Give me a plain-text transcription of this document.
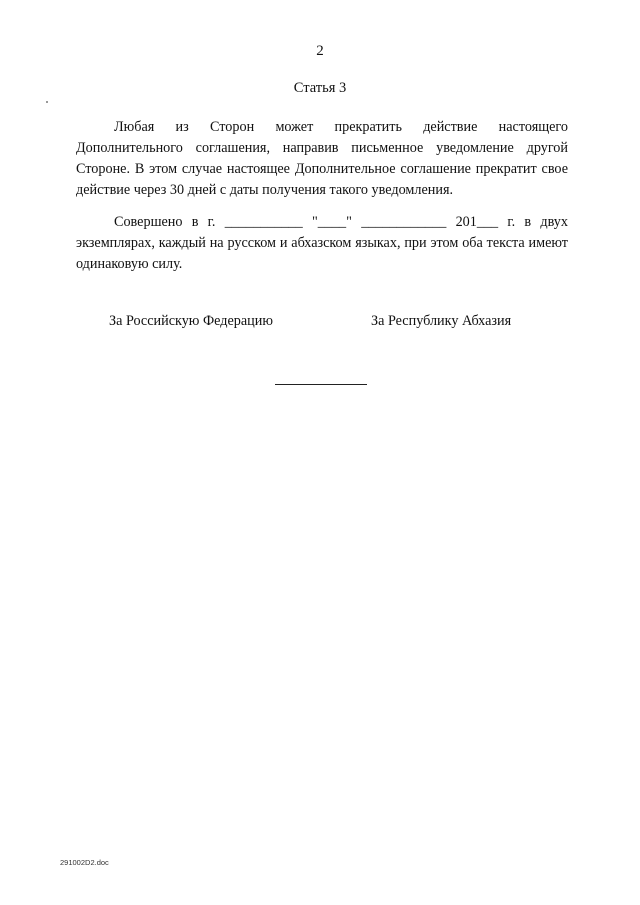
2
Статья 3

Любая из Сторон может прекратить действие настоящего Дополнительного соглашения, направив письменное уведомление другой Стороне. В этом случае настоящее Дополнительное соглашение прекратит свое действие через 30 дней с даты получения такого уведомления.

Совершено в г. ___________ "____" ____________ 201___ г. в двух экземплярах, каждый на русском и абхазском языках, при этом оба текста имеют одинаковую силу.

За Российскую Федерацию	За Республику Абхазия
291002D2.doc
